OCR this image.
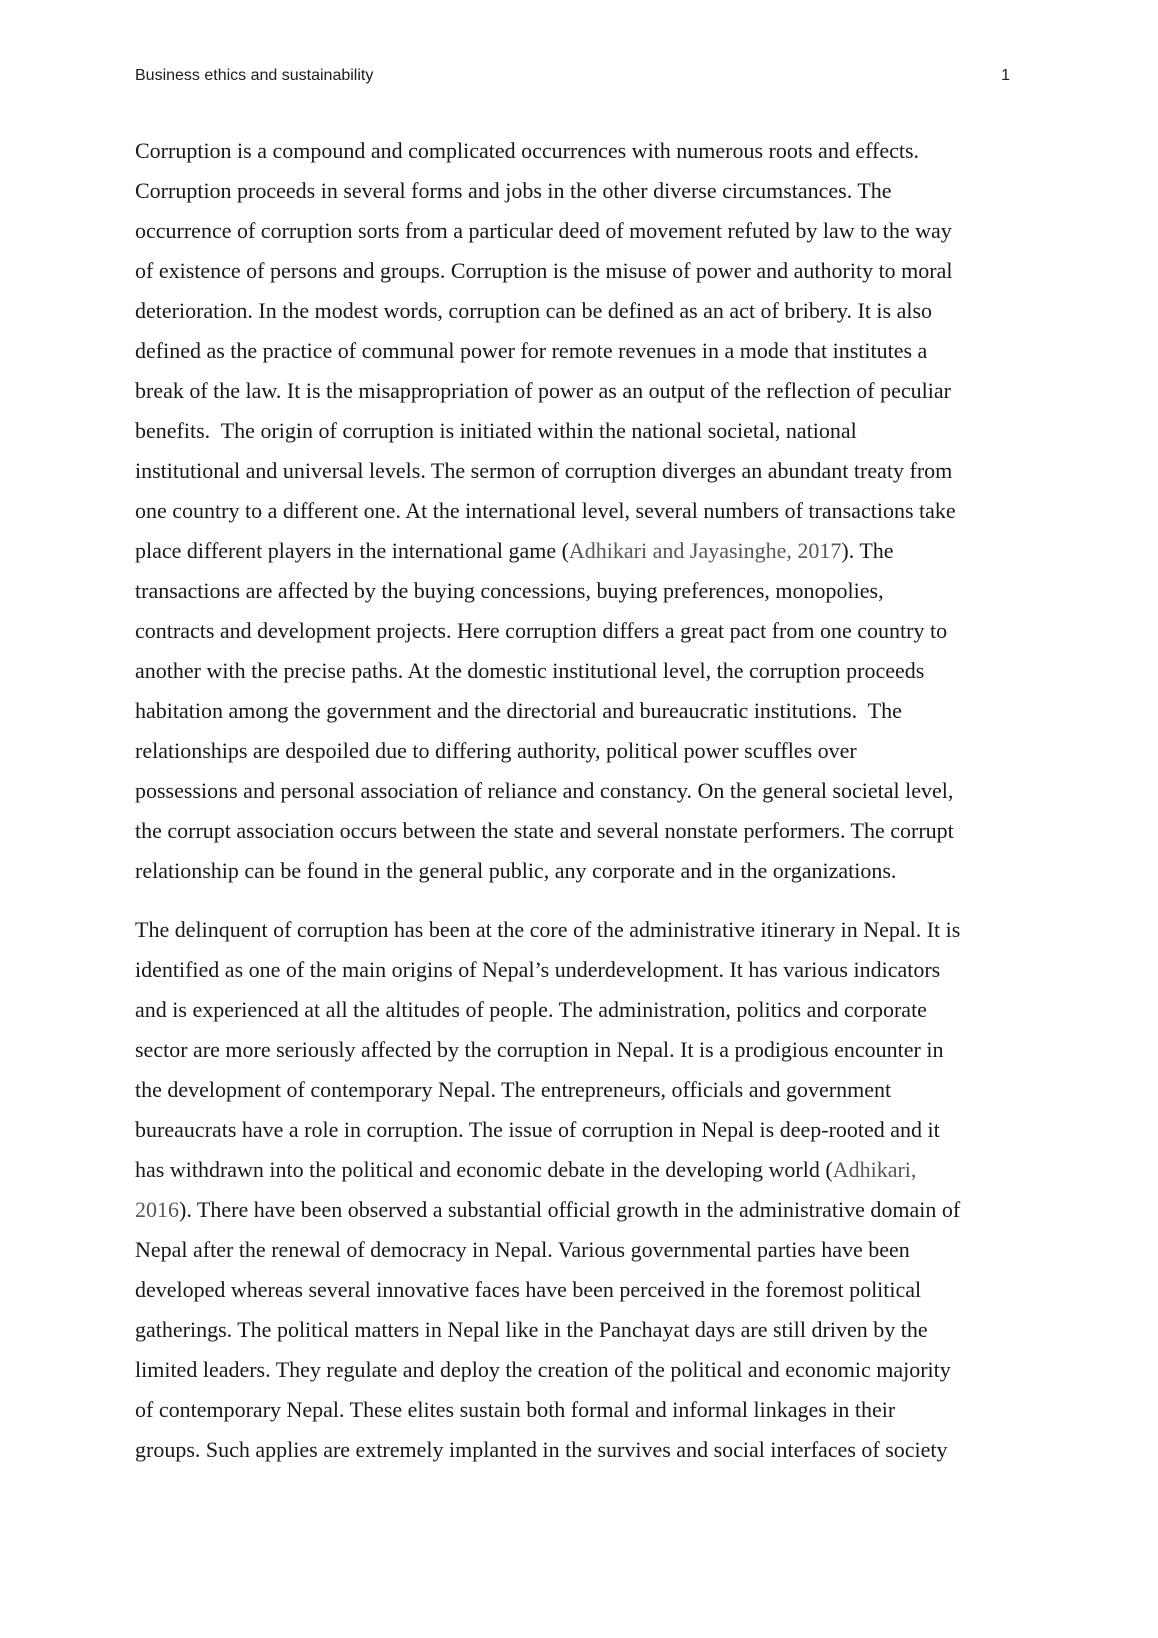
Business ethics and sustainability	1
Corruption is a compound and complicated occurrences with numerous roots and effects.
Corruption proceeds in several forms and jobs in the other diverse circumstances. The
occurrence of corruption sorts from a particular deed of movement refuted by law to the way
of existence of persons and groups. Corruption is the misuse of power and authority to moral
deterioration. In the modest words, corruption can be defined as an act of bribery. It is also
defined as the practice of communal power for remote revenues in a mode that institutes a
break of the law. It is the misappropriation of power as an output of the reflection of peculiar
benefits.  The origin of corruption is initiated within the national societal, national
institutional and universal levels. The sermon of corruption diverges an abundant treaty from
one country to a different one. At the international level, several numbers of transactions take
place different players in the international game (Adhikari and Jayasinghe, 2017). The
transactions are affected by the buying concessions, buying preferences, monopolies,
contracts and development projects. Here corruption differs a great pact from one country to
another with the precise paths. At the domestic institutional level, the corruption proceeds
habitation among the government and the directorial and bureaucratic institutions.  The
relationships are despoiled due to differing authority, political power scuffles over
possessions and personal association of reliance and constancy. On the general societal level,
the corrupt association occurs between the state and several nonstate performers. The corrupt
relationship can be found in the general public, any corporate and in the organizations.
The delinquent of corruption has been at the core of the administrative itinerary in Nepal. It is
identified as one of the main origins of Nepal’s underdevelopment. It has various indicators
and is experienced at all the altitudes of people. The administration, politics and corporate
sector are more seriously affected by the corruption in Nepal. It is a prodigious encounter in
the development of contemporary Nepal. The entrepreneurs, officials and government
bureaucrats have a role in corruption. The issue of corruption in Nepal is deep-rooted and it
has withdrawn into the political and economic debate in the developing world (Adhikari,
2016). There have been observed a substantial official growth in the administrative domain of
Nepal after the renewal of democracy in Nepal. Various governmental parties have been
developed whereas several innovative faces have been perceived in the foremost political
gatherings. The political matters in Nepal like in the Panchayat days are still driven by the
limited leaders. They regulate and deploy the creation of the political and economic majority
of contemporary Nepal. These elites sustain both formal and informal linkages in their
groups. Such applies are extremely implanted in the survives and social interfaces of society
